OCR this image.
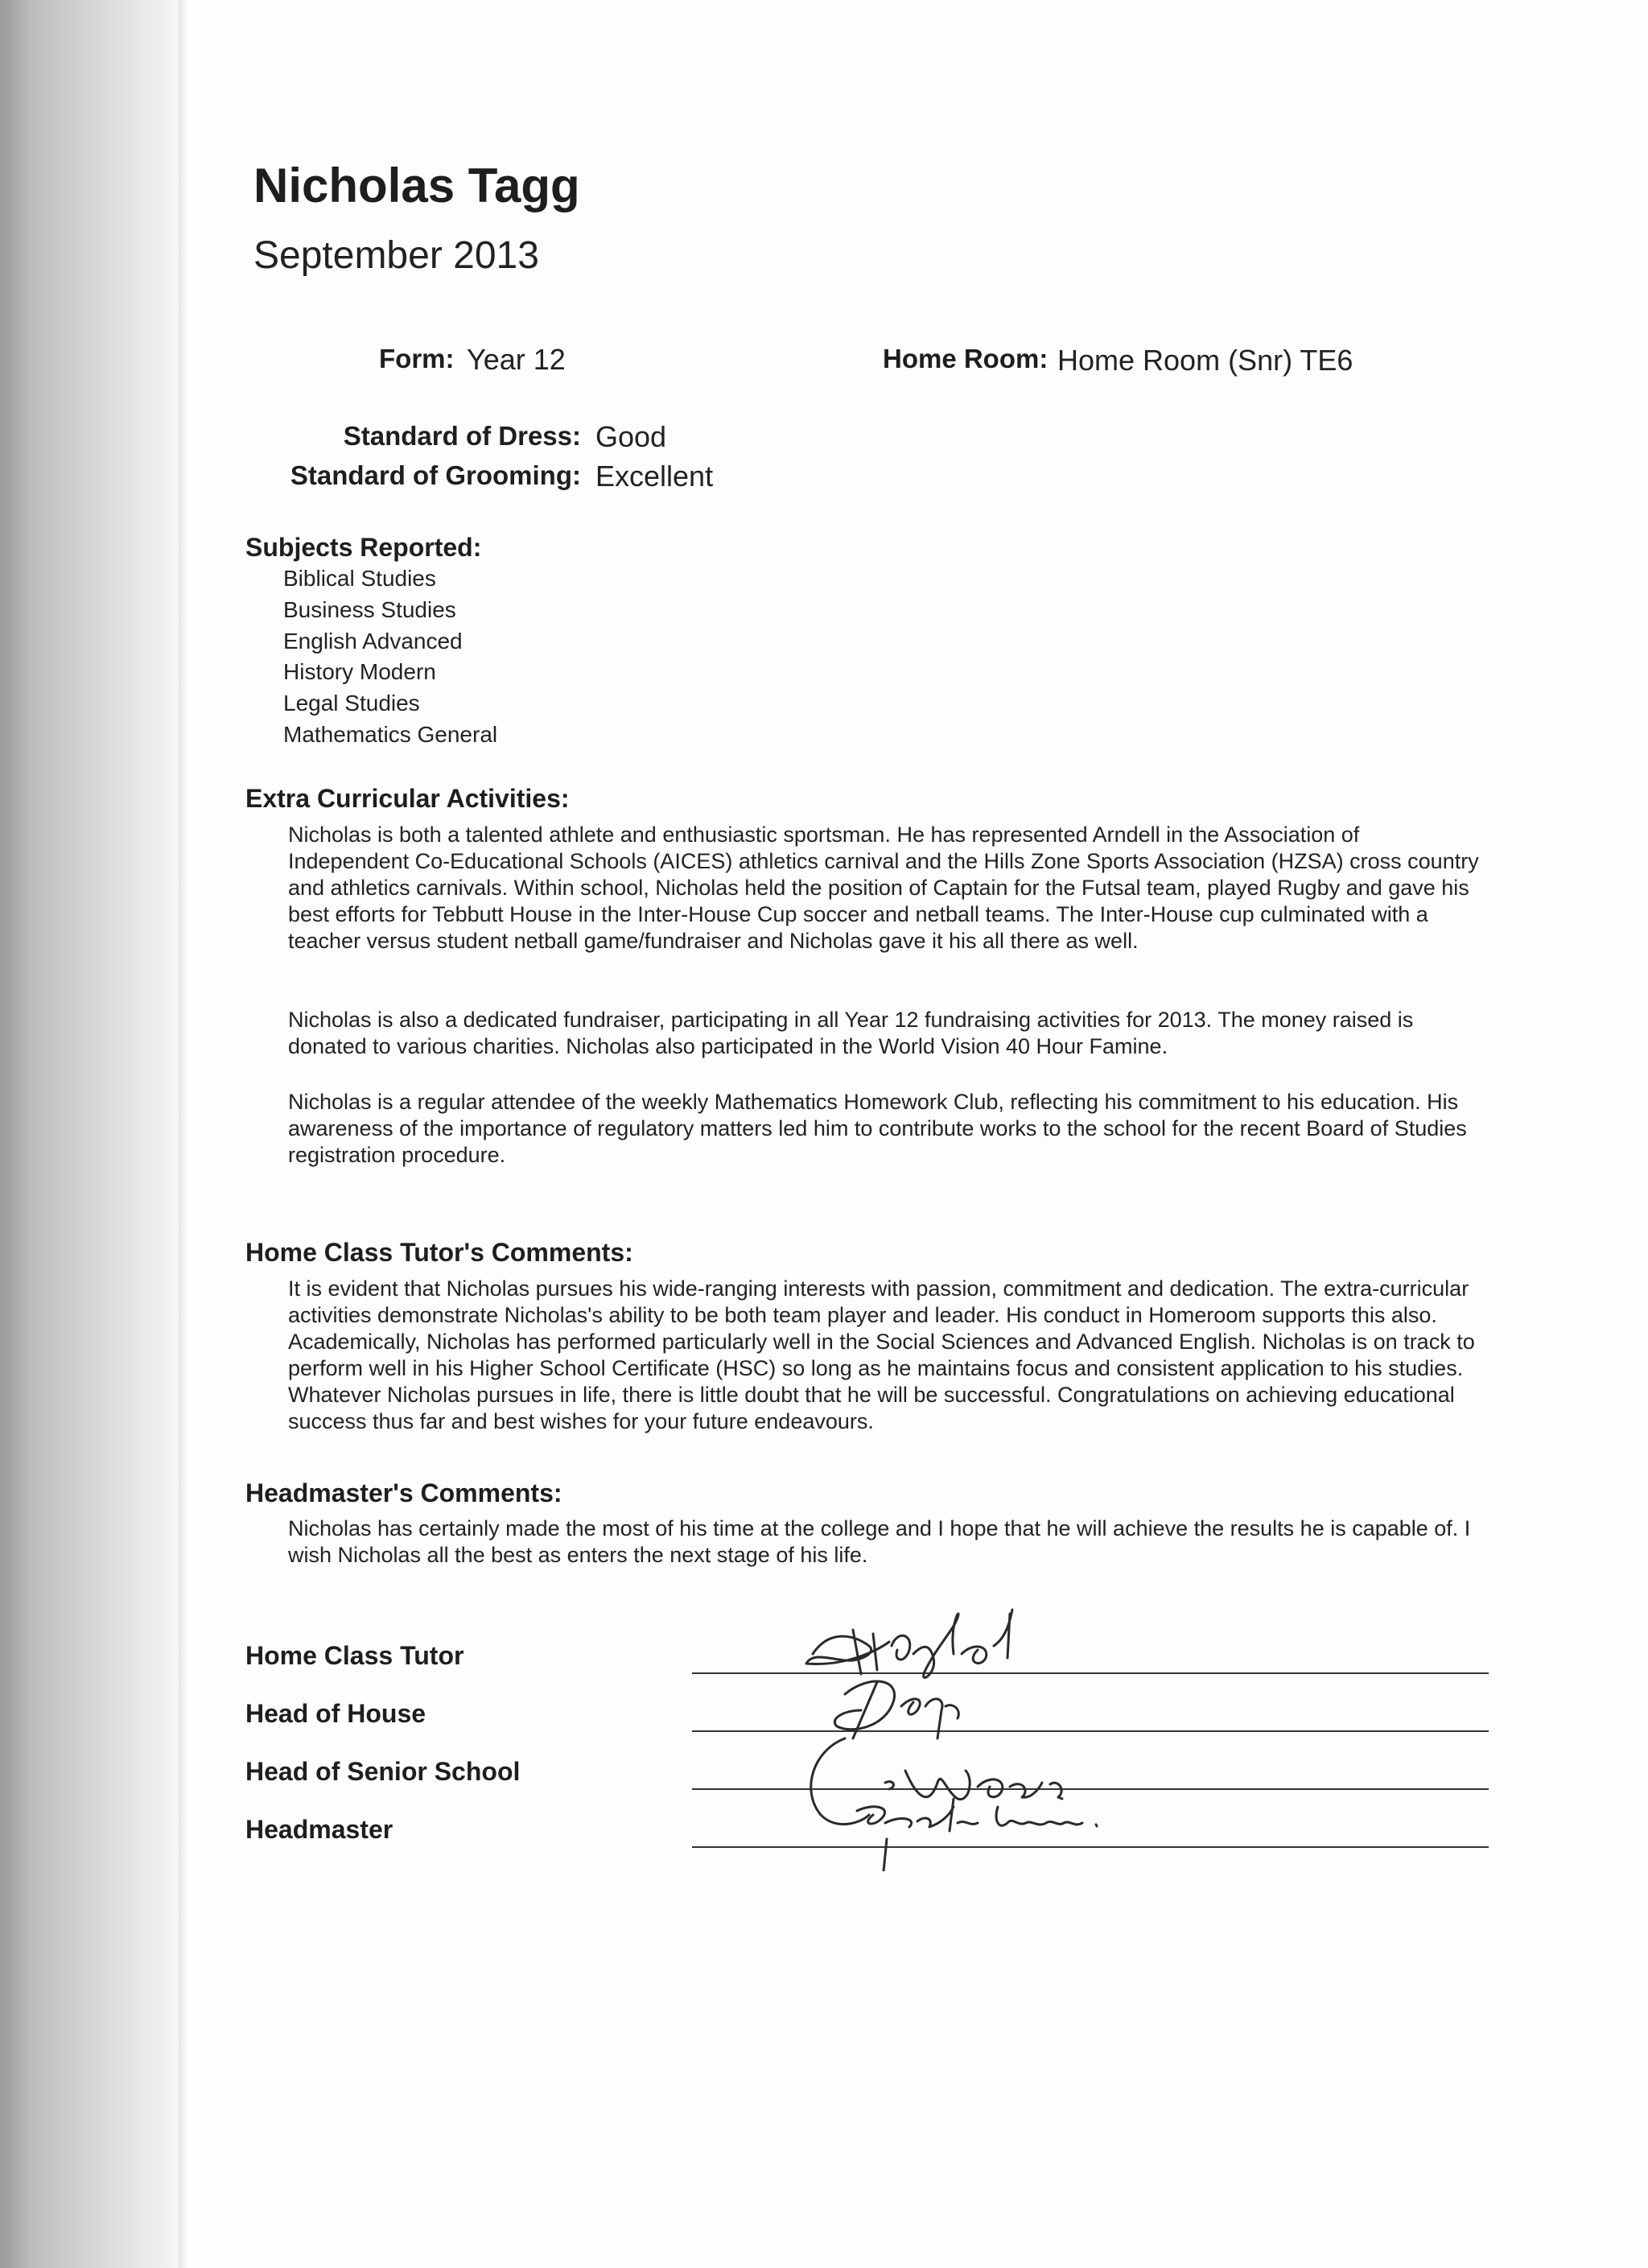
Nicholas Tagg
September 2013
Form: Year 12	Home Room: Home Room (Snr) TE6
Standard of Dress: Good
Standard of Grooming: Excellent
Subjects Reported:
Biblical Studies
Business Studies
English Advanced
History Modern
Legal Studies
Mathematics General
Extra Curricular Activities:
Nicholas is both a talented athlete and enthusiastic sportsman. He has represented Arndell in the Association of Independent Co-Educational Schools (AICES) athletics carnival and the Hills Zone Sports Association (HZSA) cross country and athletics carnivals. Within school, Nicholas held the position of Captain for the Futsal team, played Rugby and gave his best efforts for Tebbutt House in the Inter-House Cup soccer and netball teams. The Inter-House cup culminated with a teacher versus student netball game/fundraiser and Nicholas gave it his all there as well.
Nicholas is also a dedicated fundraiser, participating in all Year 12 fundraising activities for 2013. The money raised is donated to various charities. Nicholas also participated in the World Vision 40 Hour Famine.
Nicholas is a regular attendee of the weekly Mathematics Homework Club, reflecting his commitment to his education. His awareness of the importance of regulatory matters led him to contribute works to the school for the recent Board of Studies registration procedure.
Home Class Tutor's Comments:
It is evident that Nicholas pursues his wide-ranging interests with passion, commitment and dedication. The extra-curricular activities demonstrate Nicholas's ability to be both team player and leader. His conduct in Homeroom supports this also. Academically, Nicholas has performed particularly well in the Social Sciences and Advanced English. Nicholas is on track to perform well in his Higher School Certificate (HSC) so long as he maintains focus and consistent application to his studies. Whatever Nicholas pursues in life, there is little doubt that he will be successful. Congratulations on achieving educational success thus far and best wishes for your future endeavours.
Headmaster's Comments:
Nicholas has certainly made the most of his time at the college and I hope that he will achieve the results he is capable of. I wish Nicholas all the best as enters the next stage of his life.
Home Class Tutor
Head of House
Head of Senior School
Headmaster
